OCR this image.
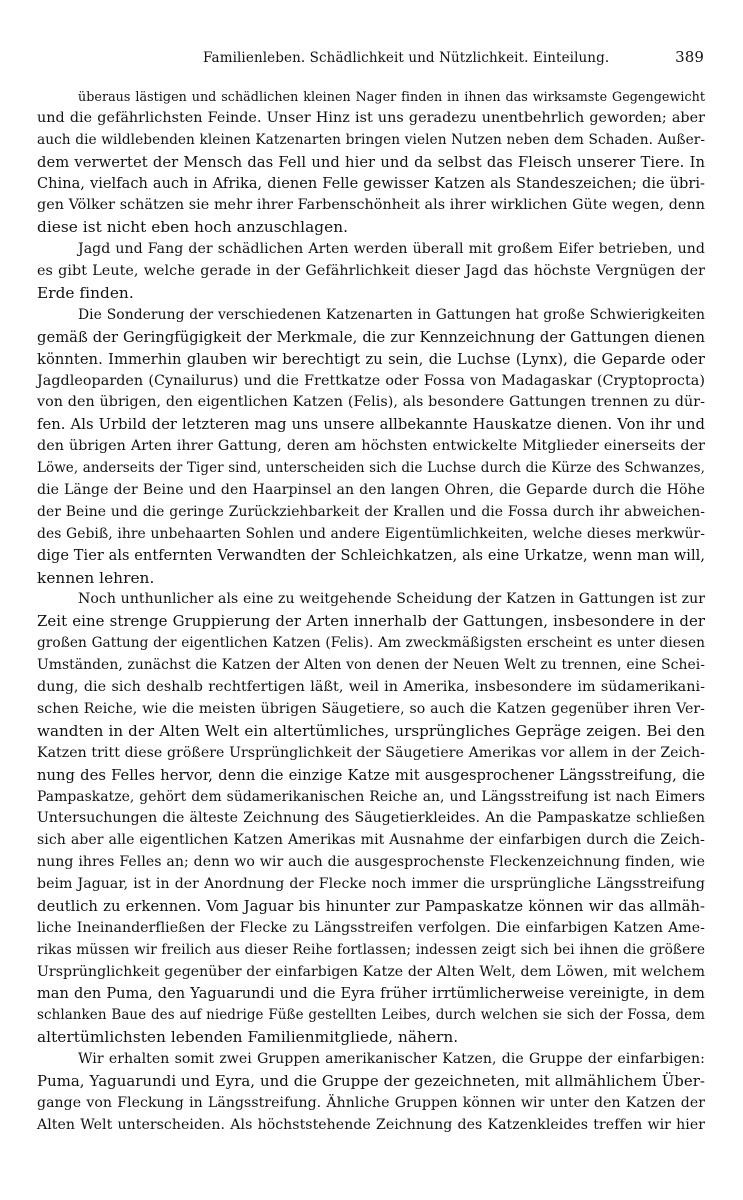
Familienleben. Schädlichkeit und Nützlichkeit. Einteilung.	389
überaus lästigen und schädlichen kleinen Nager finden in ihnen das wirksamste Gegengewicht
und die gefährlichsten Feinde. Unser Hinz ist uns geradezu unentbehrlich geworden; aber
auch die wildlebenden kleinen Katzenarten bringen vielen Nutzen neben dem Schaden. Außer-
dem verwertet der Mensch das Fell und hier und da selbst das Fleisch unserer Tiere. In
China, vielfach auch in Afrika, dienen Felle gewisser Katzen als Standeszeichen; die übri-
gen Völker schätzen sie mehr ihrer Farbenschönheit als ihrer wirklichen Güte wegen, denn
diese ist nicht eben hoch anzuschlagen.
Jagd und Fang der schädlichen Arten werden überall mit großem Eifer betrieben, und
es gibt Leute, welche gerade in der Gefährlichkeit dieser Jagd das höchste Vergnügen der
Erde finden.
Die Sonderung der verschiedenen Katzenarten in Gattungen hat große Schwierigkeiten
gemäß der Geringfügigkeit der Merkmale, die zur Kennzeichnung der Gattungen dienen
könnten. Immerhin glauben wir berechtigt zu sein, die Luchse (Lynx), die Geparde oder
Jagdleoparden (Cynailurus) und die Frettkatze oder Fossa von Madagaskar (Cryptoprocta)
von den übrigen, den eigentlichen Katzen (Felis), als besondere Gattungen trennen zu dür-
fen. Als Urbild der letzteren mag uns unsere allbekannte Hauskatze dienen. Von ihr und
den übrigen Arten ihrer Gattung, deren am höchsten entwickelte Mitglieder einerseits der
Löwe, anderseits der Tiger sind, unterscheiden sich die Luchse durch die Kürze des Schwanzes,
die Länge der Beine und den Haarpinsel an den langen Ohren, die Geparde durch die Höhe
der Beine und die geringe Zurückziehbarkeit der Krallen und die Fossa durch ihr abweichen-
des Gebiß, ihre unbehaarten Sohlen und andere Eigentümlichkeiten, welche dieses merkwür-
dige Tier als entfernten Verwandten der Schleichkatzen, als eine Urkatze, wenn man will,
kennen lehren.
Noch unthunlicher als eine zu weitgehende Scheidung der Katzen in Gattungen ist zur
Zeit eine strenge Gruppierung der Arten innerhalb der Gattungen, insbesondere in der
großen Gattung der eigentlichen Katzen (Felis). Am zweckmäßigsten erscheint es unter diesen
Umständen, zunächst die Katzen der Alten von denen der Neuen Welt zu trennen, eine Schei-
dung, die sich deshalb rechtfertigen läßt, weil in Amerika, insbesondere im südamerikani-
schen Reiche, wie die meisten übrigen Säugetiere, so auch die Katzen gegenüber ihren Ver-
wandten in der Alten Welt ein altertümliches, ursprüngliches Gepräge zeigen. Bei den
Katzen tritt diese größere Ursprünglichkeit der Säugetiere Amerikas vor allem in der Zeich-
nung des Felles hervor, denn die einzige Katze mit ausgesprochener Längsstreifung, die
Pampaskatze, gehört dem südamerikanischen Reiche an, und Längsstreifung ist nach Eimers
Untersuchungen die älteste Zeichnung des Säugetierkleides. An die Pampaskatze schließen
sich aber alle eigentlichen Katzen Amerikas mit Ausnahme der einfarbigen durch die Zeich-
nung ihres Felles an; denn wo wir auch die ausgesprochenste Fleckenzeichnung finden, wie
beim Jaguar, ist in der Anordnung der Flecke noch immer die ursprüngliche Längsstreifung
deutlich zu erkennen. Vom Jaguar bis hinunter zur Pampaskatze können wir das allmäh-
liche Ineinanderfließen der Flecke zu Längsstreifen verfolgen. Die einfarbigen Katzen Ame-
rikas müssen wir freilich aus dieser Reihe fortlassen; indessen zeigt sich bei ihnen die größere
Ursprünglichkeit gegenüber der einfarbigen Katze der Alten Welt, dem Löwen, mit welchem
man den Puma, den Yaguarundi und die Eyra früher irrtümlicherweise vereinigte, in dem
schlanken Baue des auf niedrige Füße gestellten Leibes, durch welchen sie sich der Fossa, dem
altertümlichsten lebenden Familienmitgliede, nähern.
Wir erhalten somit zwei Gruppen amerikanischer Katzen, die Gruppe der einfarbigen:
Puma, Yaguarundi und Eyra, und die Gruppe der gezeichneten, mit allmählichem Über-
gange von Fleckung in Längsstreifung. Ähnliche Gruppen können wir unter den Katzen der
Alten Welt unterscheiden. Als höchststehende Zeichnung des Katzenkleides treffen wir hier
